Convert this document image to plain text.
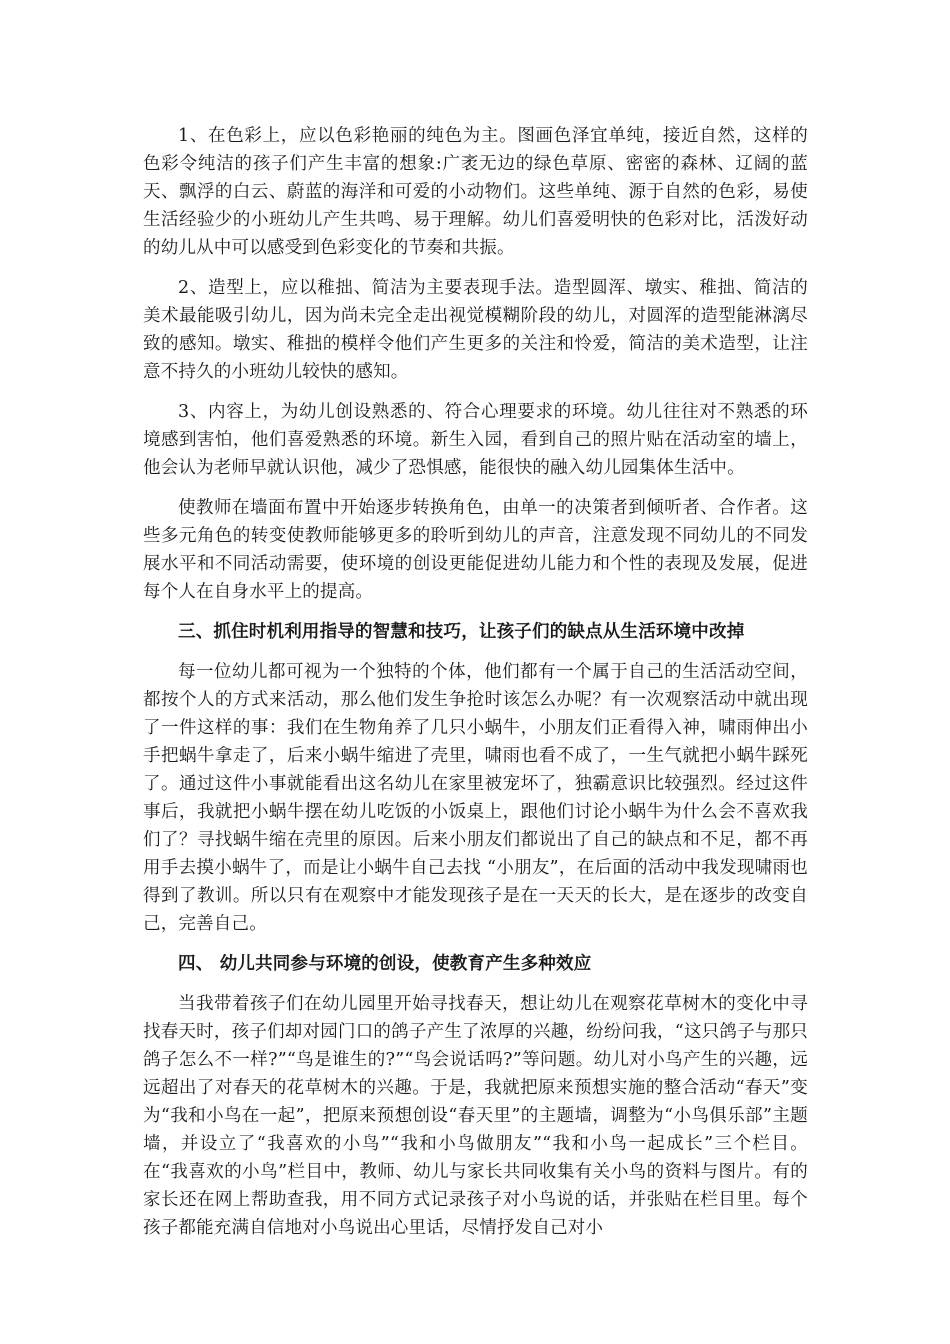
1、在色彩上，应以色彩艳丽的纯色为主。图画色泽宜单纯，接近自然，这样的色彩令纯洁的孩子们产生丰富的想象:广袤无边的绿色草原、密密的森林、辽阔的蓝天、飘浮的白云、蔚蓝的海洋和可爱的小动物们。这些单纯、源于自然的色彩，易使生活经验少的小班幼儿产生共鸣、易于理解。幼儿们喜爱明快的色彩对比，活泼好动的幼儿从中可以感受到色彩变化的节奏和共振。

2、造型上，应以稚拙、简洁为主要表现手法。造型圆浑、墩实、稚拙、简洁的美术最能吸引幼儿，因为尚未完全走出视觉模糊阶段的幼儿，对圆浑的造型能淋漓尽致的感知。墩实、稚拙的模样令他们产生更多的关注和怜爱，简洁的美术造型，让注意不持久的小班幼儿较快的感知。

3、内容上，为幼儿创设熟悉的、符合心理要求的环境。幼儿往往对不熟悉的环境感到害怕，他们喜爱熟悉的环境。新生入园，看到自己的照片贴在活动室的墙上，他会认为老师早就认识他，减少了恐惧感，能很快的融入幼儿园集体生活中。

使教师在墙面布置中开始逐步转换角色，由单一的决策者到倾听者、合作者。这些多元角色的转变使教师能够更多的聆听到幼儿的声音，注意发现不同幼儿的不同发展水平和不同活动需要，使环境的创设更能促进幼儿能力和个性的表现及发展，促进每个人在自身水平上的提高。

三、抓住时机利用指导的智慧和技巧，让孩子们的缺点从生活环境中改掉

每一位幼儿都可视为一个独特的个体，他们都有一个属于自己的生活活动空间，都按个人的方式来活动，那么他们发生争抢时该怎么办呢？有一次观察活动中就出现了一件这样的事：我们在生物角养了几只小蜗牛，小朋友们正看得入神，啸雨伸出小手把蜗牛拿走了，后来小蜗牛缩进了壳里，啸雨也看不成了，一生气就把小蜗牛踩死了。通过这件小事就能看出这名幼儿在家里被宠坏了，独霸意识比较强烈。经过这件事后，我就把小蜗牛摆在幼儿吃饭的小饭桌上，跟他们讨论小蜗牛为什么会不喜欢我们了？寻找蜗牛缩在壳里的原因。后来小朋友们都说出了自己的缺点和不足，都不再用手去摸小蜗牛了，而是让小蜗牛自己去找 “小朋友”，在后面的活动中我发现啸雨也得到了教训。所以只有在观察中才能发现孩子是在一天天的长大，是在逐步的改变自己，完善自己。

四、 幼儿共同参与环境的创设，使教育产生多种效应

当我带着孩子们在幼儿园里开始寻找春天，想让幼儿在观察花草树木的变化中寻找春天时，孩子们却对园门口的鸽子产生了浓厚的兴趣，纷纷问我，“这只鸽子与那只鸽子怎么不一样?”“鸟是谁生的?”“鸟会说话吗?”等问题。幼儿对小鸟产生的兴趣，远远超出了对春天的花草树木的兴趣。于是，我就把原来预想实施的整合活动“春天”变为“我和小鸟在一起”，把原来预想创设“春天里”的主题墙，调整为“小鸟俱乐部”主题墙，并设立了“我喜欢的小鸟”“我和小鸟做朋友”“我和小鸟一起成长”三个栏目。在“我喜欢的小鸟”栏目中，教师、幼儿与家长共同收集有关小鸟的资料与图片。有的家长还在网上帮助查我，用不同方式记录孩子对小鸟说的话，并张贴在栏目里。每个孩子都能充满自信地对小鸟说出心里话，尽情抒发自己对小
